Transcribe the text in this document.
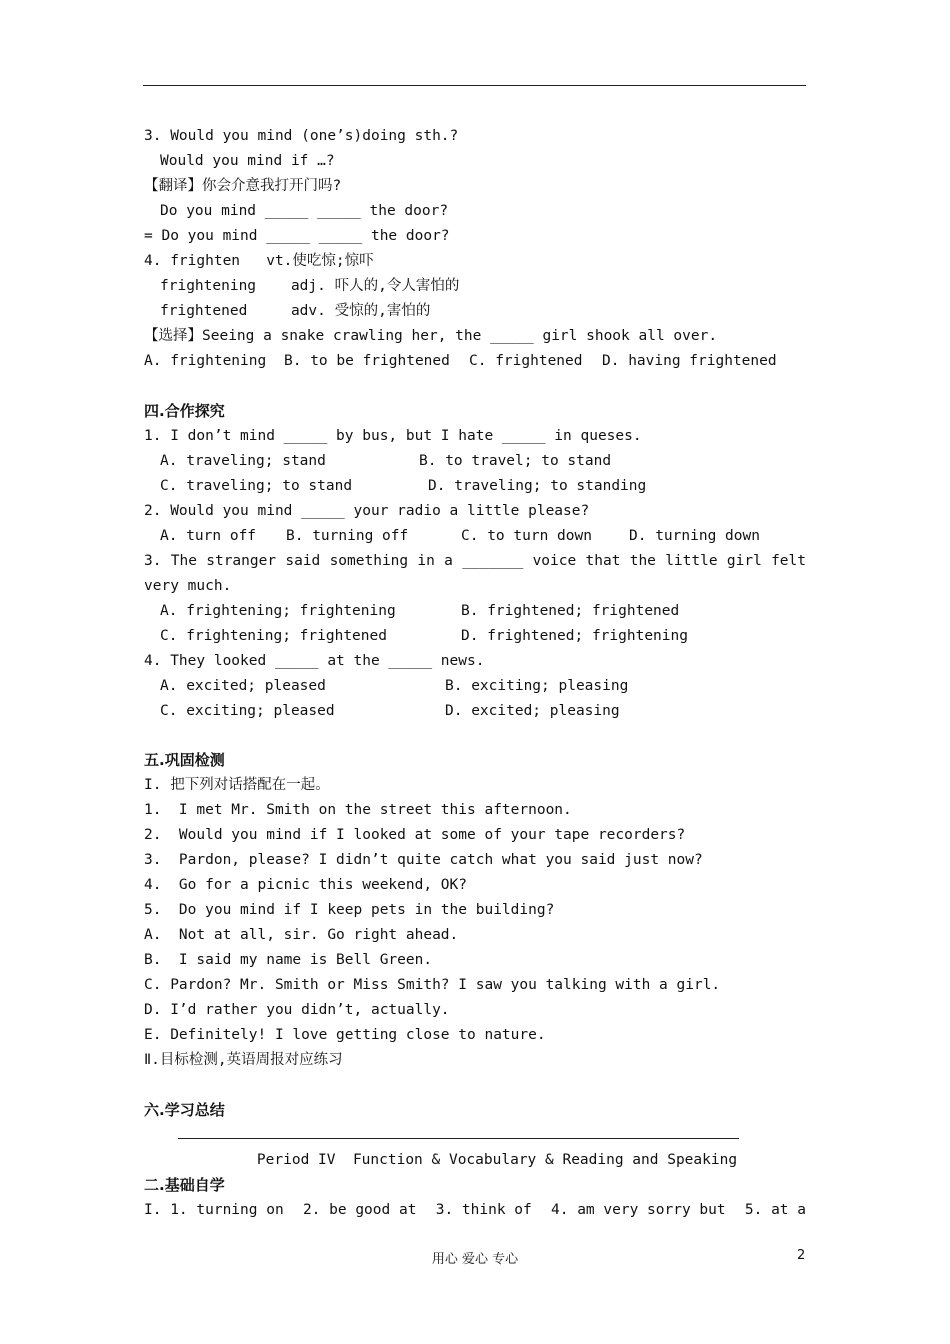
3. Would you mind (one’s)doing sth.?
Would you mind if …?
【翻译】你会介意我打开门吗?
Do you mind _____ _____ the door?
= Do you mind _____ _____ the door?
4. frighten   vt.使吃惊;惊吓
frightening    adj. 吓人的,令人害怕的
frightened     adv. 受惊的,害怕的
【选择】Seeing a snake crawling her, the _____ girl shook all over.
A. frightening	B. to be frightened	C. frightened	D. having frightened
四.合作探究
1. I don’t mind _____ by bus, but I hate _____ in queses.
A. traveling; stand	B. to travel; to stand
C. traveling; to stand	D. traveling; to standing
2. Would you mind _____ your radio a little please?
A. turn off	B. turning off	C. to turn down	D. turning down
3. The stranger said something in a _______ voice that the little girl felt
very much.
A. frightening; frightening	B. frightened; frightened
C. frightening; frightened	D. frightened; frightening
4. They looked _____ at the _____ news.
A. excited; pleased	B. exciting; pleasing
C. exciting; pleased	D. excited; pleasing
五.巩固检测
I. 把下列对话搭配在一起。
1.  I met Mr. Smith on the street this afternoon.
2.  Would you mind if I looked at some of your tape recorders?
3.  Pardon, please? I didn’t quite catch what you said just now?
4.  Go for a picnic this weekend, OK?
5.  Do you mind if I keep pets in the building?
A.  Not at all, sir. Go right ahead.
B.  I said my name is Bell Green.
C. Pardon? Mr. Smith or Miss Smith? I saw you talking with a girl.
D. I’d rather you didn’t, actually.
E. Definitely! I love getting close to nature.
Ⅱ.目标检测,英语周报对应练习
六.学习总结
Period IV  Function & Vocabulary & Reading and Speaking
二.基础自学
I. 1. turning on 2. be good at 3. think of 4. am very sorry but 5. at a
用心 爱心 专心	2
